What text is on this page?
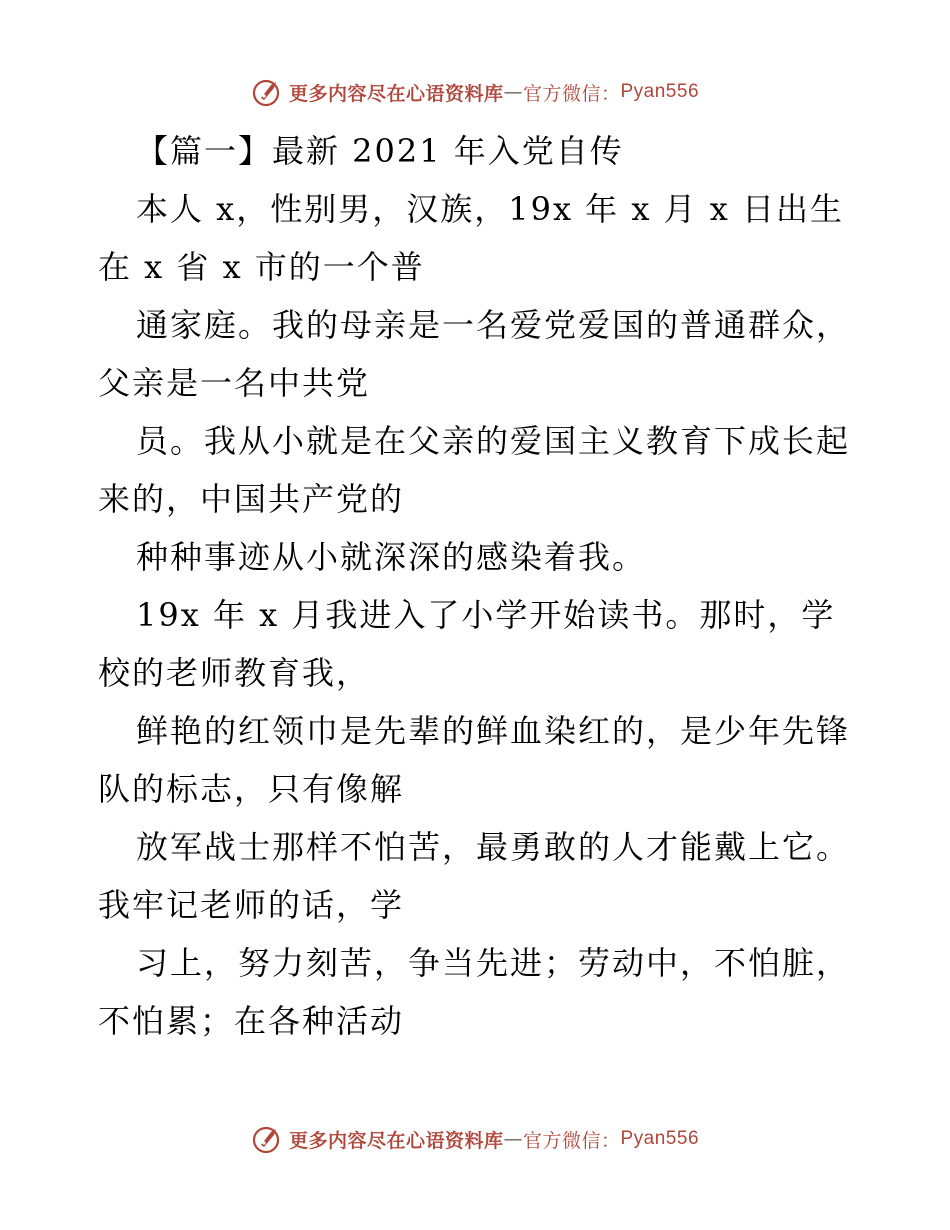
更多内容尽在心语资料库 — 官方微信： Pyan556
【篇一】最新 2021 年入党自传
本人 x，性别男，汉族，19x 年 x 月 x 日出生
在 x 省 x 市的一个普
通家庭。我的母亲是一名爱党爱国的普通群众，
父亲是一名中共党
员。我从小就是在父亲的爱国主义教育下成长起
来的，中国共产党的
种种事迹从小就深深的感染着我。
19x 年 x 月我进入了小学开始读书。那时，学
校的老师教育我，
鲜艳的红领巾是先辈的鲜血染红的，是少年先锋
队的标志，只有像解
放军战士那样不怕苦，最勇敢的人才能戴上它。
我牢记老师的话，学
习上，努力刻苦，争当先进；劳动中，不怕脏，
不怕累；在各种活动
更多内容尽在心语资料库 — 官方微信： Pyan556
